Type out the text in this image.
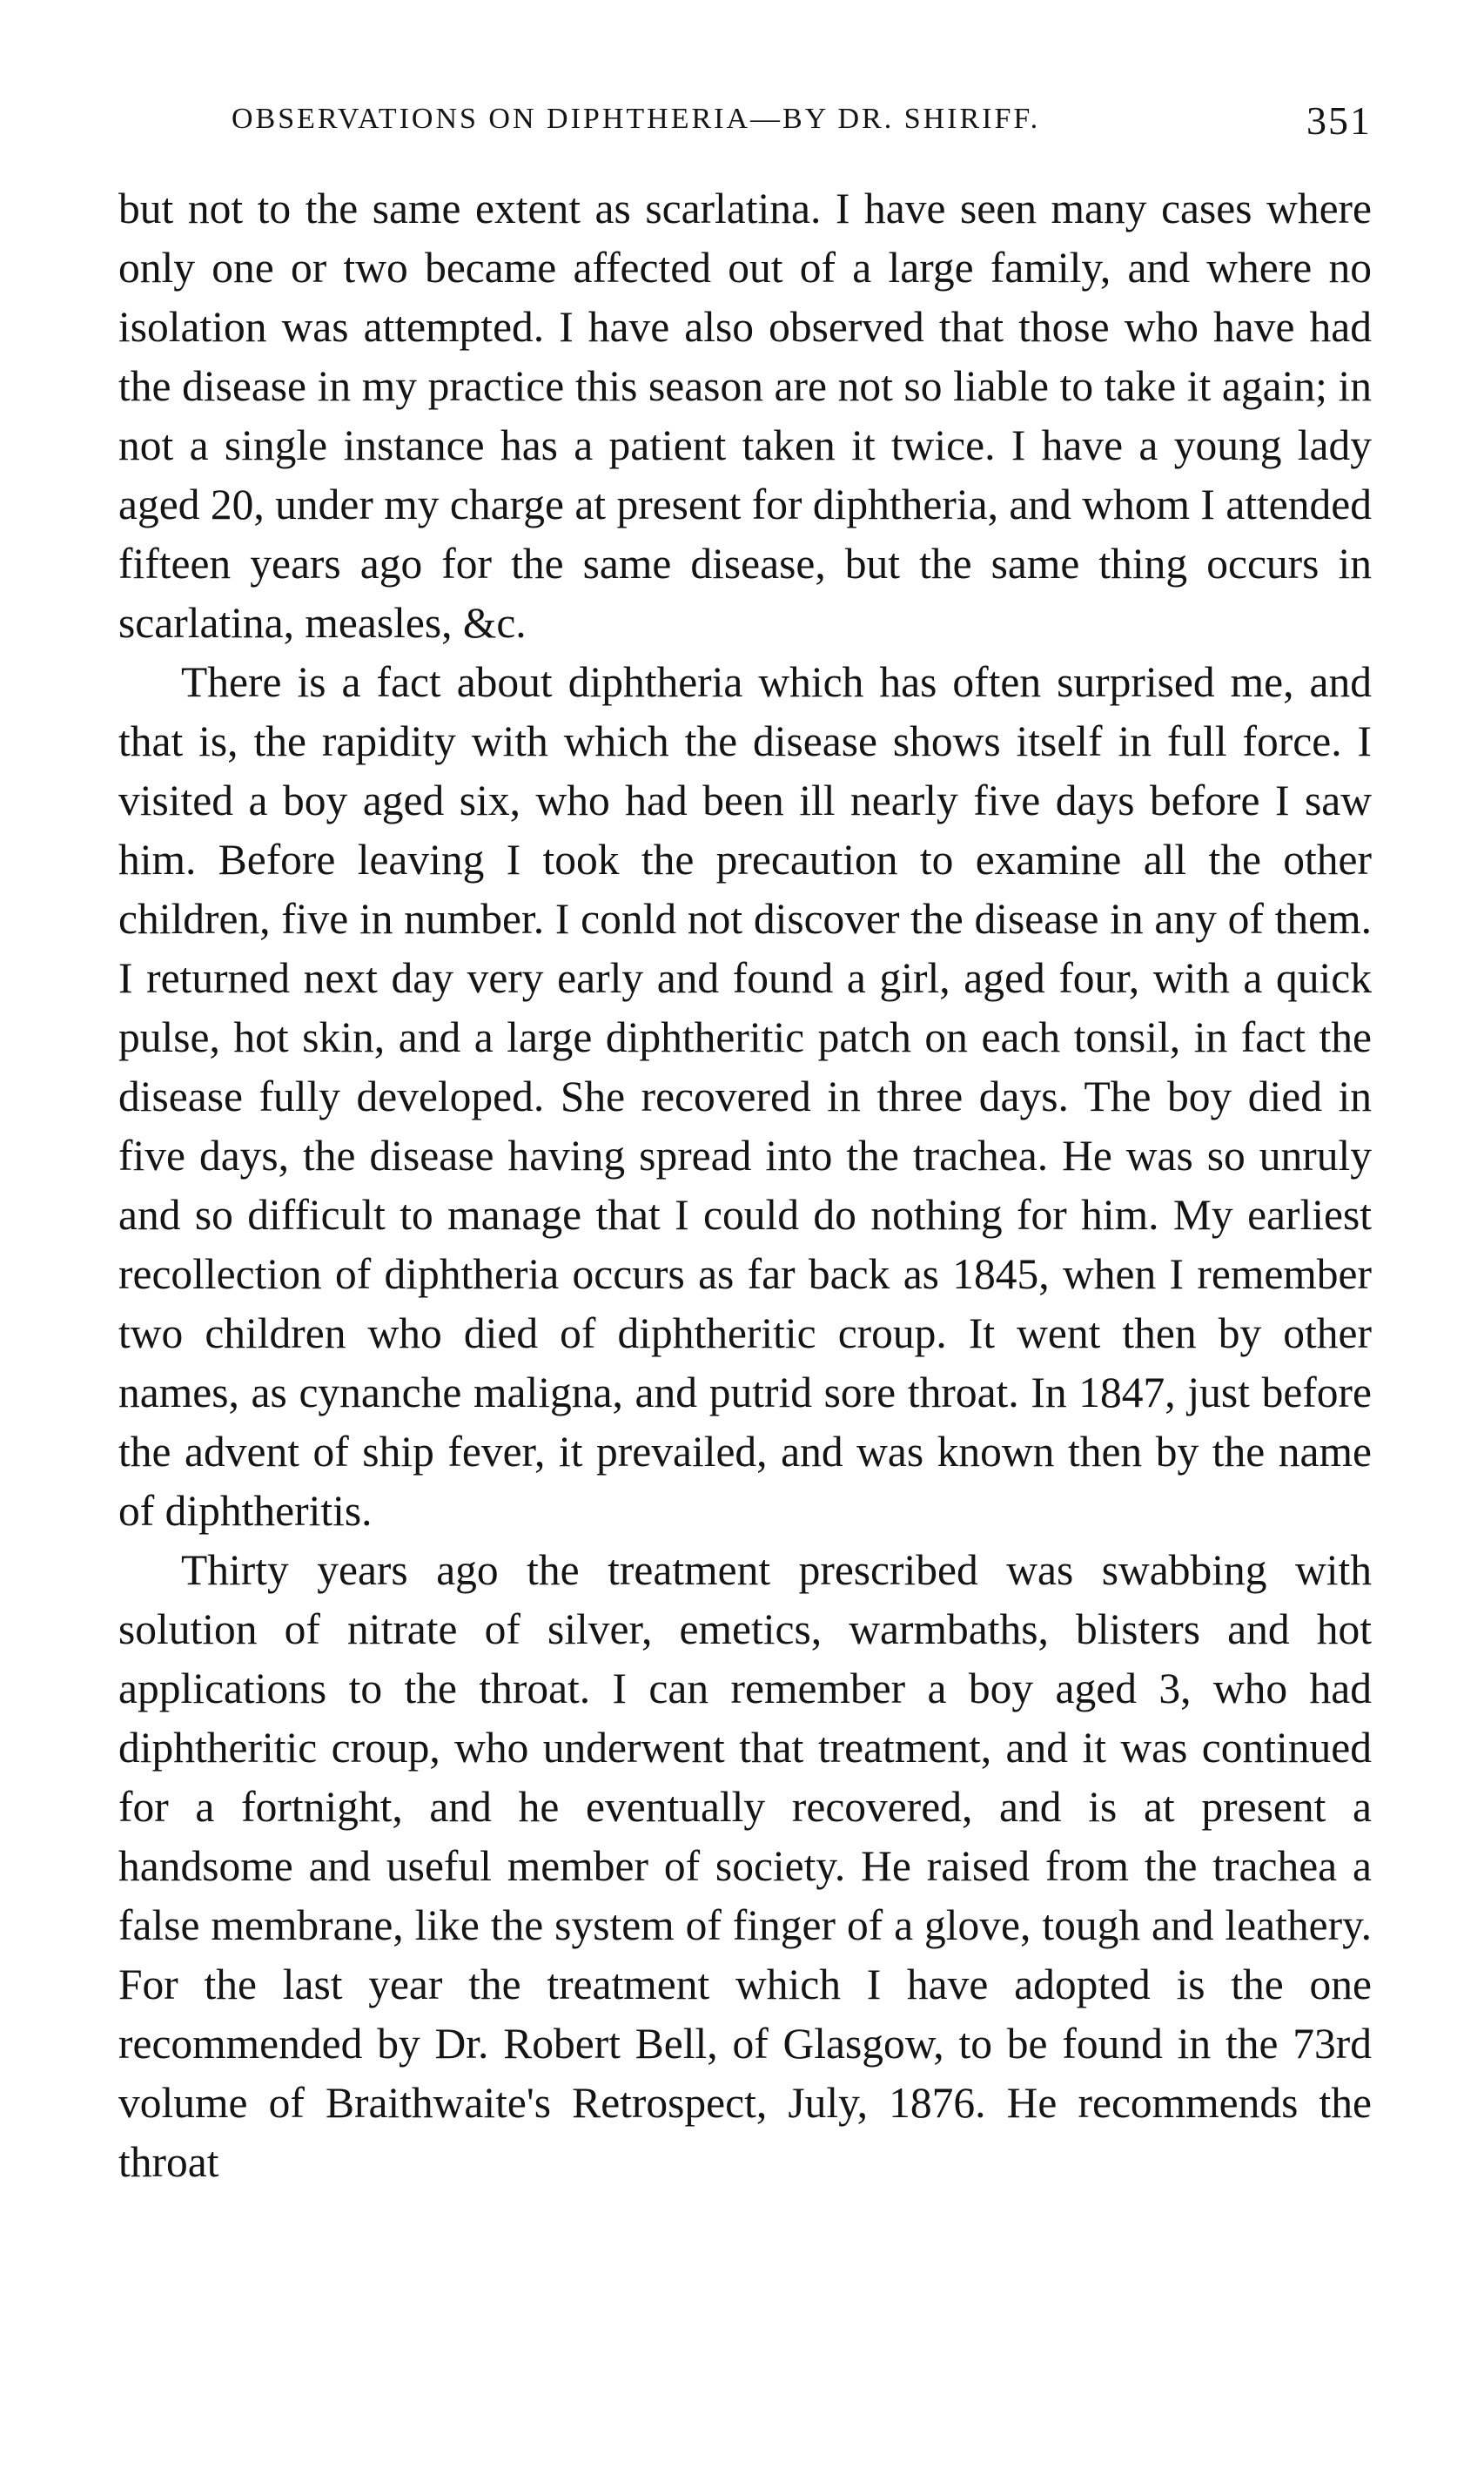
OBSERVATIONS ON DIPHTHERIA—BY DR. SHIRIFF.	351

but not to the same extent as scarlatina. I have seen many cases where only one or two became affected out of a large family, and where no isolation was attempted. I have also observed that those who have had the disease in my practice this season are not so liable to take it again; in not a single instance has a patient taken it twice. I have a young lady aged 20, under my charge at present for diphtheria, and whom I attended fifteen years ago for the same disease, but the same thing occurs in scarlatina, measles, &c.

There is a fact about diphtheria which has often surprised me, and that is, the rapidity with which the disease shows itself in full force. I visited a boy aged six, who had been ill nearly five days before I saw him. Before leaving I took the precaution to examine all the other children, five in number. I conld not discover the disease in any of them. I returned next day very early and found a girl, aged four, with a quick pulse, hot skin, and a large diphtheritic patch on each tonsil, in fact the disease fully developed. She recovered in three days. The boy died in five days, the disease having spread into the trachea. He was so unruly and so difficult to manage that I could do nothing for him. My earliest recollection of diphtheria occurs as far back as 1845, when I remember two children who died of diphtheritic croup. It went then by other names, as cynanche maligna, and putrid sore throat. In 1847, just before the advent of ship fever, it prevailed, and was known then by the name of diphtheritis.

Thirty years ago the treatment prescribed was swabbing with solution of nitrate of silver, emetics, warmbaths, blisters and hot applications to the throat. I can remember a boy aged 3, who had diphtheritic croup, who underwent that treatment, and it was continued for a fortnight, and he eventually recovered, and is at present a handsome and useful member of society. He raised from the trachea a false membrane, like the system of finger of a glove, tough and leathery. For the last year the treatment which I have adopted is the one recommended by Dr. Robert Bell, of Glasgow, to be found in the 73rd volume of Braithwaite's Retrospect, July, 1876. He recommends the throat
